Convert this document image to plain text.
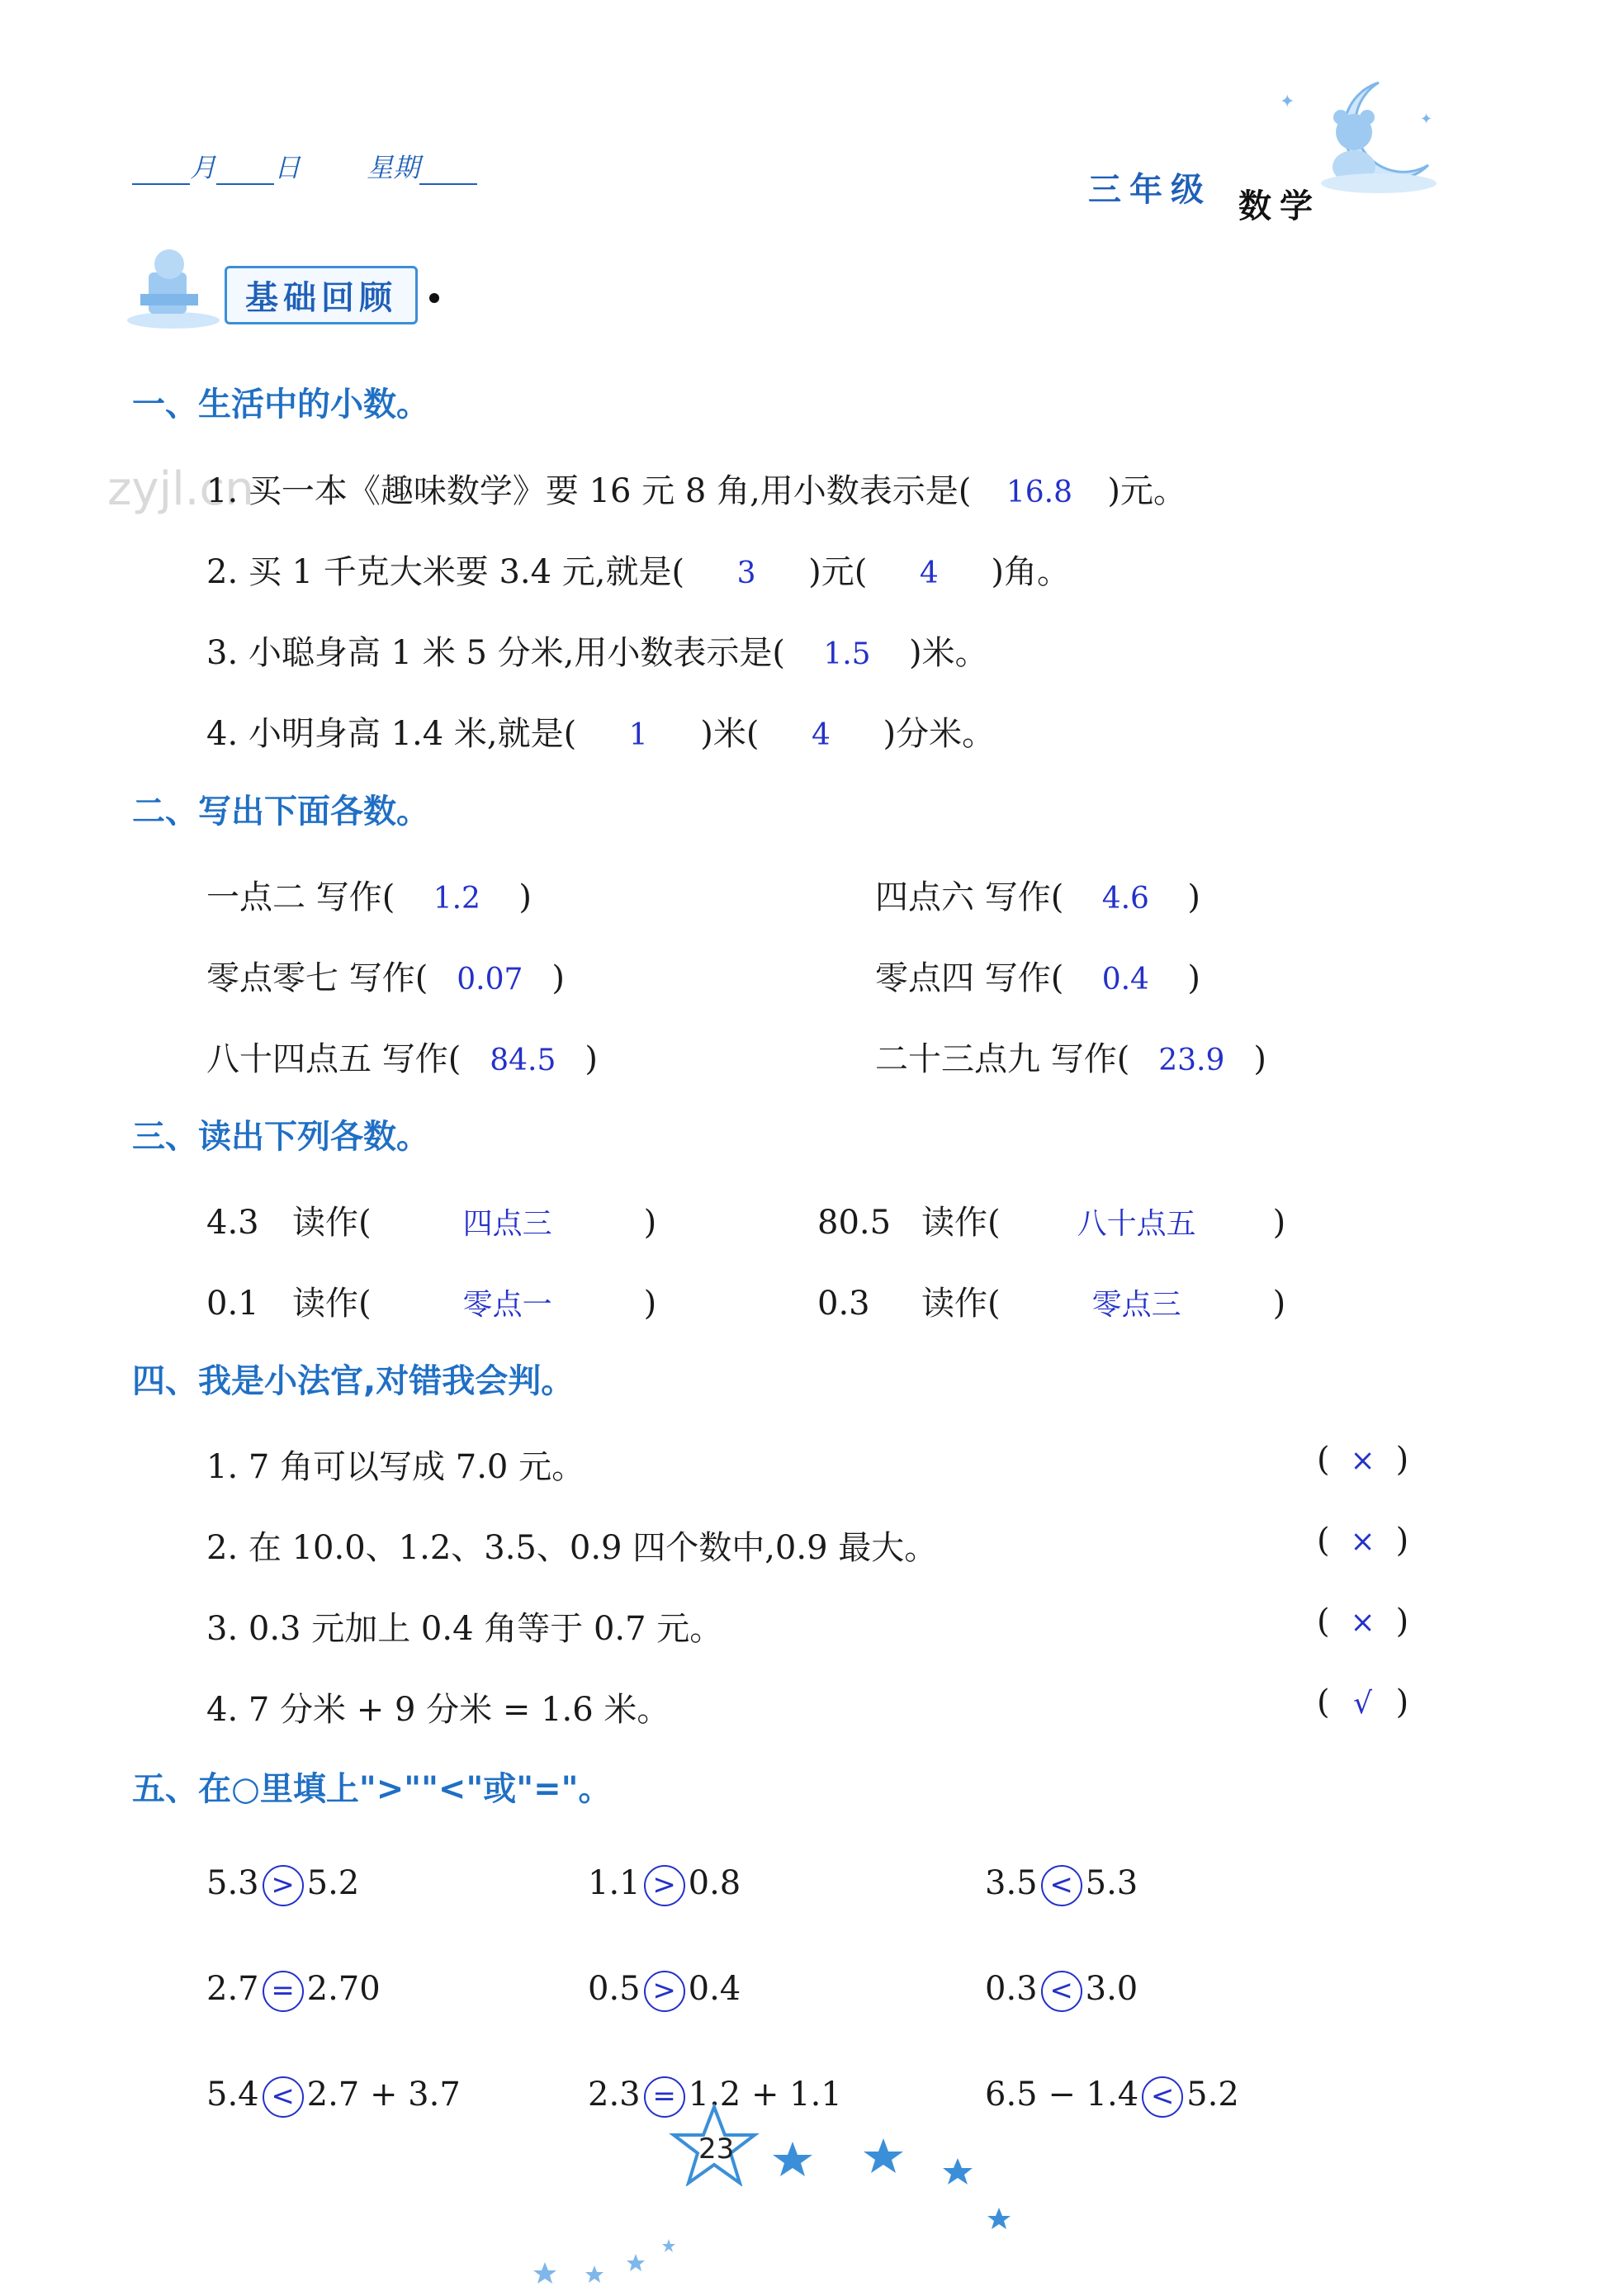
月 日	星期
三年级 数学
✦
✦
基础回顾
zyjl.cn
一、生活中的小数。
1. 买一本《趣味数学》要 16 元 8 角,用小数表示是( 16.8 )元。
2. 买 1 千克大米要 3.4 元,就是( 3 )元( 4 )角。
3. 小聪身高 1 米 5 分米,用小数表示是( 1.5 )米。
4. 小明身高 1.4 米,就是( 1 )米( 4 )分米。
二、写出下面各数。
一点二 写作( 1.2 )	四点六 写作( 4.6 )
零点零七 写作( 0.07 )	零点四 写作( 0.4 )
八十四点五 写作( 84.5 )	二十三点九 写作( 23.9 )
三、读出下列各数。
4.3 读作(	四点三	)	80.5 读作(	八十点五 )
0.1 读作(	零点一	)	0.3 读作(	零点三	)
四、我是小法官,对错我会判。
1. 7 角可以写成 7.0 元。	( × )
2. 在 10.0、1.2、3.5、0.9 四个数中,0.9 最大。	( × )
3. 0.3 元加上 0.4 角等于 0.7 元。	( × )
4. 7 分米 + 9 分米 = 1.6 米。	( √ )
五、在○里填上">""<"或"="。
5.3 > 5.2	1.1 > 0.8	3.5 < 5.3
2.7 = 2.70	0.5 > 0.4	0.3 < 3.0
5.4 < 2.7 + 3.7	2.3 = 1.2 + 1.1	6.5 − 1.4 < 5.2
23
